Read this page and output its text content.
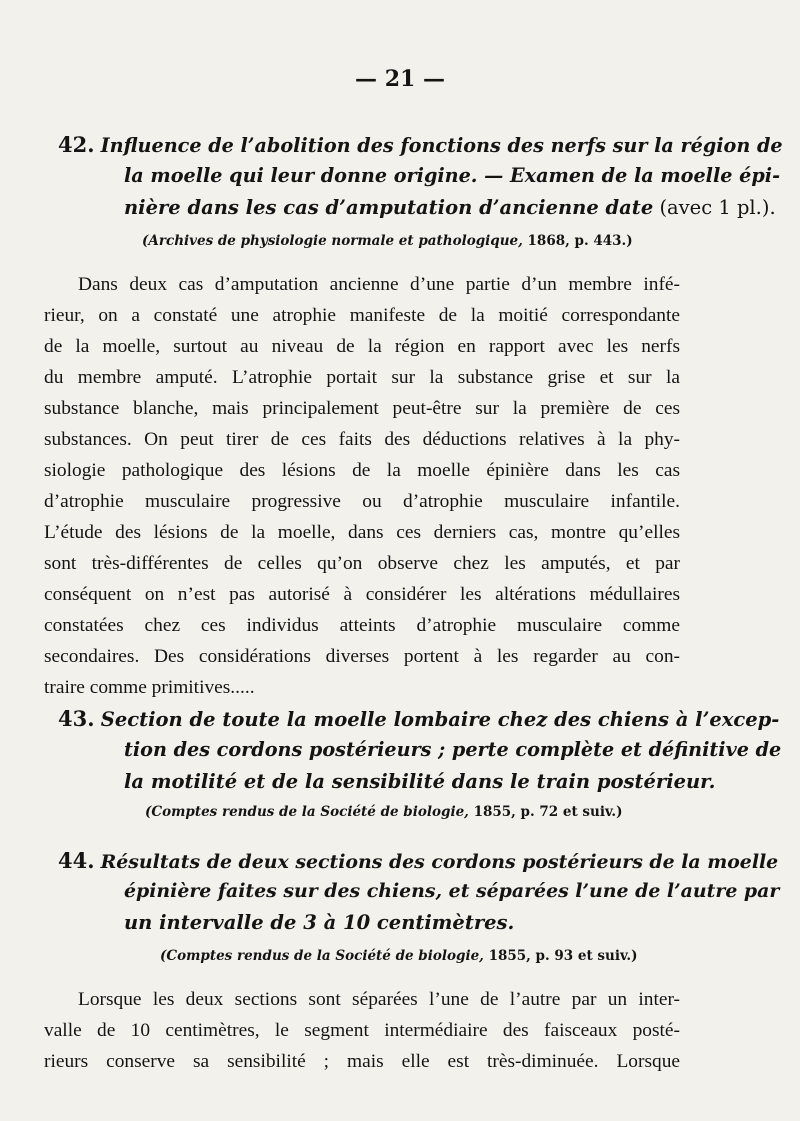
— 21 —
42. Influence de l’abolition des fonctions des nerfs sur la région de
la moelle qui leur donne origine. — Examen de la moelle épi-
nière dans les cas d’amputation d’ancienne date (avec 1 pl.).
(Archives de physiologie normale et pathologique, 1868, p. 443.)
Dans deux cas d’amputation ancienne d’une partie d’un membre infé-
rieur, on a constaté une atrophie manifeste de la moitié correspondante
de la moelle, surtout au niveau de la région en rapport avec les nerfs
du membre amputé. L’atrophie portait sur la substance grise et sur la
substance blanche, mais principalement peut-être sur la première de ces
substances. On peut tirer de ces faits des déductions relatives à la phy-
siologie pathologique des lésions de la moelle épinière dans les cas
d’atrophie musculaire progressive ou d’atrophie musculaire infantile.
L’étude des lésions de la moelle, dans ces derniers cas, montre qu’elles
sont très-différentes de celles qu’on observe chez les amputés, et par
conséquent on n’est pas autorisé à considérer les altérations médullaires
constatées chez ces individus atteints d’atrophie musculaire comme
secondaires. Des considérations diverses portent à les regarder au con-
traire comme primitives.....
43. Section de toute la moelle lombaire chez des chiens à l’excep-
tion des cordons postérieurs ; perte complète et définitive de
la motilité et de la sensibilité dans le train postérieur.
(Comptes rendus de la Société de biologie, 1855, p. 72 et suiv.)
44. Résultats de deux sections des cordons postérieurs de la moelle
épinière faites sur des chiens, et séparées l’une de l’autre par
un intervalle de 3 à 10 centimètres.
(Comptes rendus de la Société de biologie, 1855, p. 93 et suiv.)
Lorsque les deux sections sont séparées l’une de l’autre par un inter-
valle de 10 centimètres, le segment intermédiaire des faisceaux posté-
rieurs conserve sa sensibilité ; mais elle est très-diminuée. Lorsque
